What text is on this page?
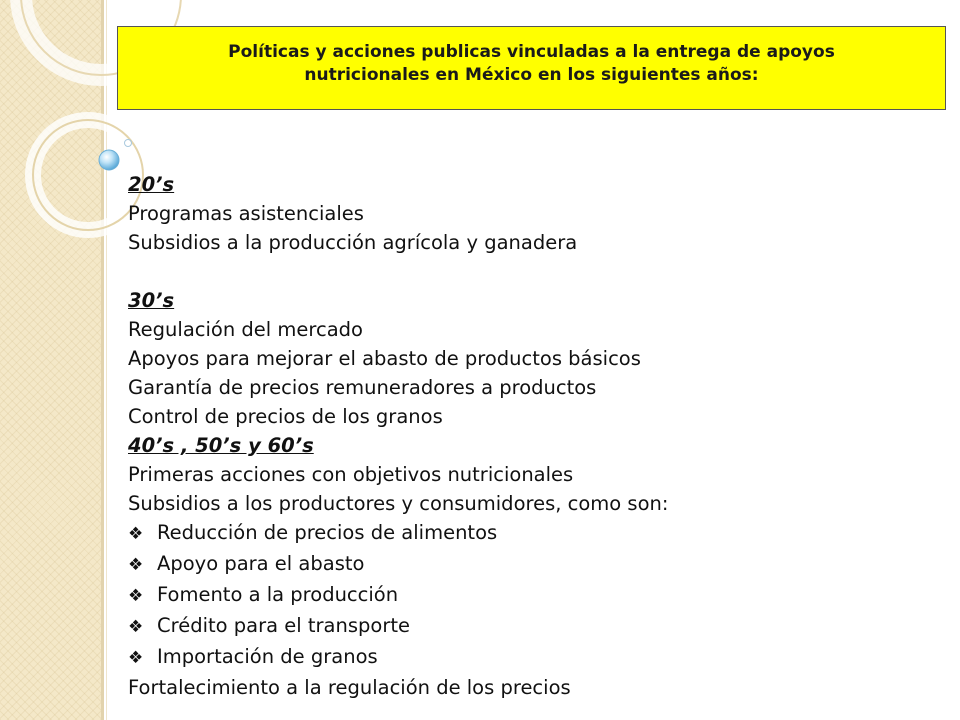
Políticas y acciones publicas vinculadas a la entrega de apoyos nutricionales en México en los siguientes años:
20’s
Programas asistenciales
Subsidios a la producción agrícola y ganadera
30’s
Regulación del mercado
Apoyos para mejorar el abasto de productos básicos
Garantía de precios remuneradores a productos
Control de precios de los granos
40’s , 50’s y 60’s
Primeras acciones con objetivos nutricionales
Subsidios a los productores y consumidores, como son:
❖ Reducción de precios de alimentos
❖ Apoyo para el abasto
❖ Fomento a la producción
❖ Crédito para el transporte
❖ Importación de granos
Fortalecimiento a la regulación de los precios
